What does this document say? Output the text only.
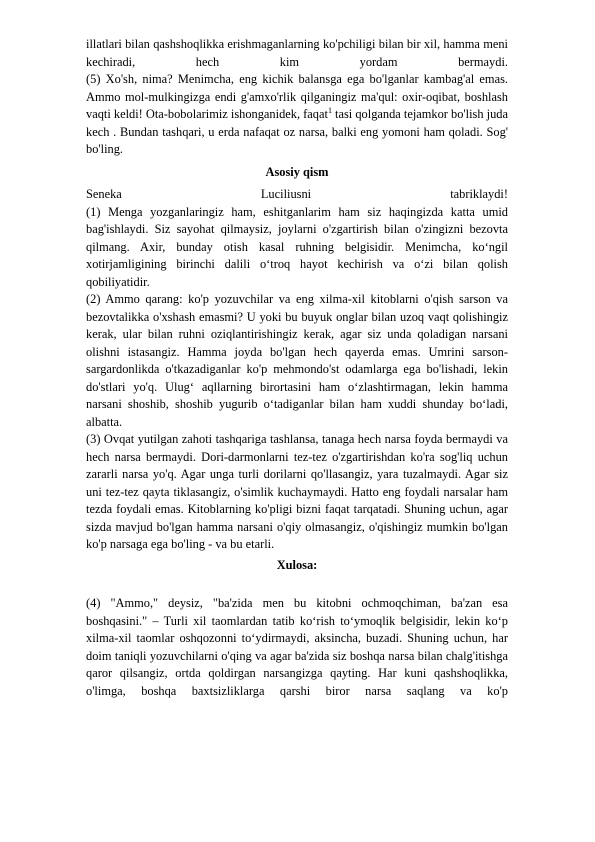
illatlari bilan qashshoqlikka erishmaganlarning ko'pchiligi bilan bir xil, hamma meni kechiradi, hech kim yordam bermaydi.

(5) Xo'sh, nima? Menimcha, eng kichik balansga ega bo'lganlar kambag'al emas. Ammo mol-mulkingizga endi g'amxo'rlik qilganingiz ma'qul: oxir-oqibat, boshlash vaqti keldi! Ota-bobolarimiz ishonganidek, faqat$^1$ tasi qolganda tejamkor bo'lish juda kech . Bundan tashqari, u erda nafaqat oz narsa, balki eng yomoni ham qoladi. Sog' bo'ling.

Asosiy qism

Seneka Luciliusni tabriklaydi!

(1) Menga yozganlaringiz ham, eshitganlarim ham siz haqingizda katta umid bag'ishlaydi. Siz sayohat qilmaysiz, joylarni o'zgartirish bilan o'zingizni bezovta qilmang. Axir, bunday otish kasal ruhning belgisidir. Menimcha, ko‘ngil xotirjamligining birinchi dalili o‘troq hayot kechirish va o‘zi bilan qolish qobiliyatidir.

(2) Ammo qarang: ko'p yozuvchilar va eng xilma-xil kitoblarni o'qish sarson va bezovtalikka o'xshash emasmi? U yoki bu buyuk onglar bilan uzoq vaqt qolishingiz kerak, ular bilan ruhni oziqlantirishingiz kerak, agar siz unda qoladigan narsani olishni istasangiz. Hamma joyda bo'lgan hech qayerda emas. Umrini sarson-sargardonlikda o'tkazadiganlar ko'p mehmondo'st odamlarga ega bo'lishadi, lekin do'stlari yo'q. Ulug‘ aqllarning birortasini ham o‘zlashtirmagan, lekin hamma narsani shoshib, shoshib yugurib o‘tadiganlar bilan ham xuddi shunday bo‘ladi, albatta.

(3) Ovqat yutilgan zahoti tashqariga tashlansa, tanaga hech narsa foyda bermaydi va hech narsa bermaydi. Dori-darmonlarni tez-tez o'zgartirishdan ko'ra sog'liq uchun zararli narsa yo'q. Agar unga turli dorilarni qo'llasangiz, yara tuzalmaydi. Agar siz uni tez-tez qayta tiklasangiz, o'simlik kuchaymaydi. Hatto eng foydali narsalar ham tezda foydali emas. Kitoblarning ko'pligi bizni faqat tarqatadi. Shuning uchun, agar sizda mavjud bo'lgan hamma narsani o'qiy olmasangiz, o'qishingiz mumkin bo'lgan ko'p narsaga ega bo'ling - va bu etarli.

Xulosa:

(4) "Ammo," deysiz, "ba'zida men bu kitobni ochmoqchiman, ba'zan esa boshqasini." – Turli xil taomlardan tatib ko‘rish to‘ymoqlik belgisidir, lekin ko‘p xilma-xil taomlar oshqozonni to‘ydirmaydi, aksincha, buzadi. Shuning uchun, har doim taniqli yozuvchilarni o'qing va agar ba'zida siz boshqa narsa bilan chalg'itishga qaror qilsangiz, ortda qoldirgan narsangizga qayting. Har kuni qashshoqlikka, o'limga, boshqa baxtsizliklarga qarshi biror narsa saqlang va ko'p
